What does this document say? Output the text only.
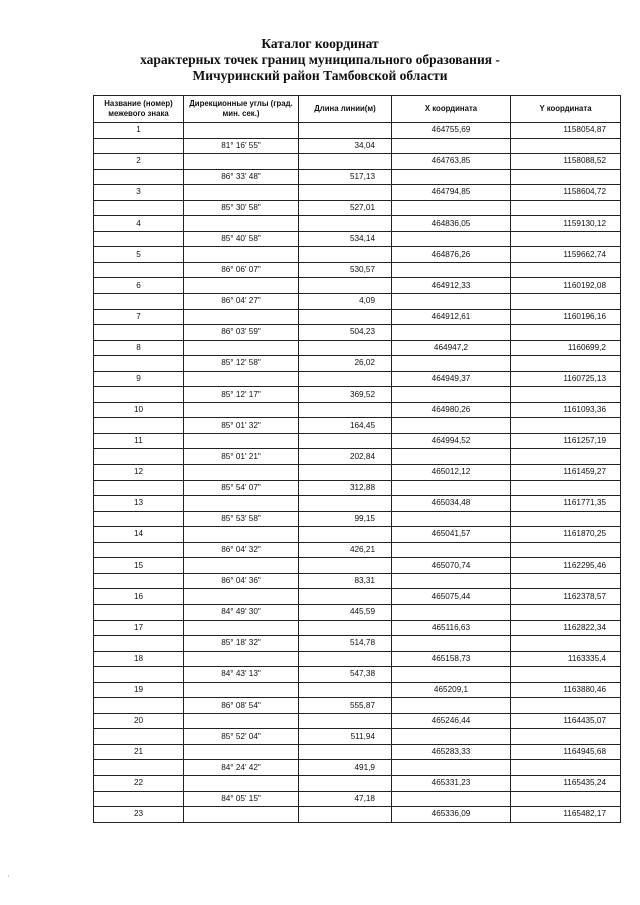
Каталог координат
характерных точек границ муниципального образования -
Мичуринский район Тамбовской области
Название (номер) межевого знака	Дирекционные углы (град. мин. сек.)	Длина линии(м)	X координата	Y координата
1			464755,69	1158054,87
	81° 16' 55"	34,04		
2			464763,85	1158088,52
	86° 33' 48"	517,13		
3			464794,85	1158604,72
	85° 30' 58"	527,01		
4			464836,05	1159130,12
	85° 40' 58"	534,14		
5			464876,26	1159662,74
	86° 06' 07"	530,57		
6			464912,33	1160192,08
	86° 04' 27"	4,09		
7			464912,61	1160196,16
	86° 03' 59"	504,23		
8			464947,2	1160699,2
	85° 12' 58"	26,02		
9			464949,37	1160725,13
	85° 12' 17"	369,52		
10			464980,26	1161093,36
	85° 01' 32"	164,45		
11			464994,52	1161257,19
	85° 01' 21"	202,84		
12			465012,12	1161459,27
	85° 54' 07"	312,88		
13			465034,48	1161771,35
	85° 53' 58"	99,15		
14			465041,57	1161870,25
	86° 04' 32"	426,21		
15			465070,74	1162295,46
	86° 04' 36"	83,31		
16			465075,44	1162378,57
	84° 49' 30"	445,59		
17			465116,63	1162822,34
	85° 18' 32"	514,78		
18			465158,73	1163335,4
	84° 43' 13"	547,38		
19			465209,1	1163880,46
	86° 08' 54"	555,87		
20			465246,44	1164435,07
	85° 52' 04"	511,94		
21			465283,33	1164945,68
	84° 24' 42"	491,9		
22			465331,23	1165435,24
	84° 05' 15"	47,18		
23			465336,09	1165482,17
'
